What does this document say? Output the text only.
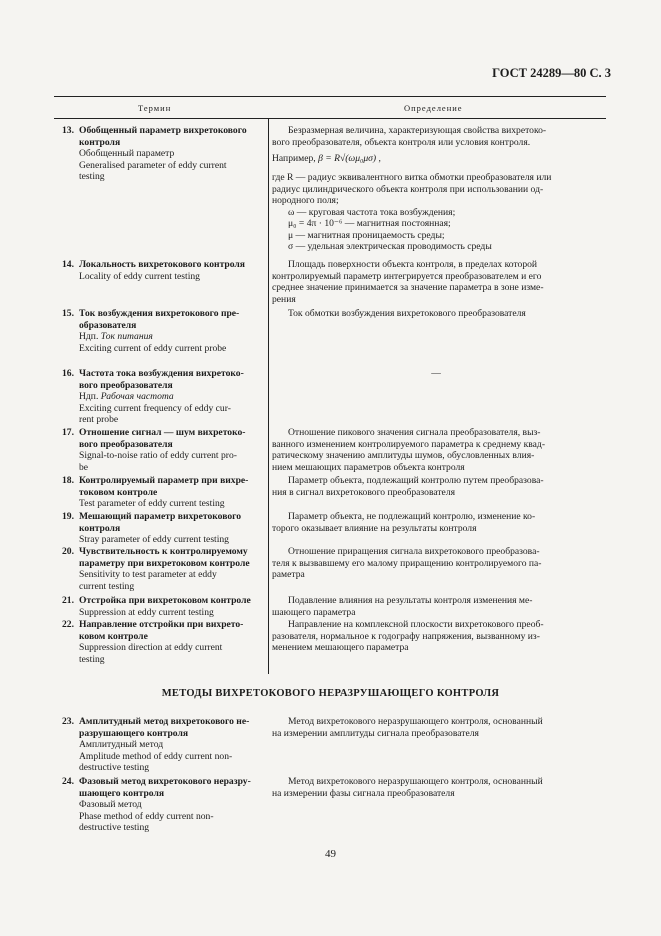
ГОСТ 24289—80 С. 3
Термин	Определение
13. Обобщенный параметр вихретокового
контроля
Обобщенный параметр
Generalised parameter of eddy current
testing
Безразмерная величина, характеризующая свойства вихретоко-
вого преобразователя, объекта контроля или условия контроля.
Например, β = R√(ωμ₀μσ) ,
где R — радиус эквивалентного витка обмотки преобразователя или
радиус цилиндрического объекта контроля при использовании од-
нородного поля;
ω — круговая частота тока возбуждения;
μ₀ = 4π · 10⁻⁶ — магнитная постоянная;
μ — магнитная проницаемость среды;
σ — удельная электрическая проводимость среды
14. Локальность вихретокового контроля
Locality of eddy current testing
Площадь поверхности объекта контроля, в пределах которой
контролируемый параметр интегрируется преобразователем и его
среднее значение принимается за значение параметра в зоне изме-
рения
15. Ток возбуждения вихретокового пре-
образователя
Ндп. Ток питания
Exciting current of eddy current probe
Ток обмотки возбуждения вихретокового преобразователя
16. Частота тока возбуждения вихретоко-
вого преобразователя
Ндп. Рабочая частота
Exciting current frequency of eddy cur-
rent probe
—
17. Отношение сигнал — шум вихретоко-
вого преобразователя
Signal-to-noise ratio of eddy current pro-
be
Отношение пикового значения сигнала преобразователя, выз-
ванного изменением контролируемого параметра к среднему квад-
ратическому значению амплитуды шумов, обусловленных влия-
нием мешающих параметров объекта контроля
18. Контролируемый параметр при вихре-
токовом контроле
Test parameter of eddy current testing
Параметр объекта, подлежащий контролю путем преобразова-
ния в сигнал вихретокового преобразователя
19. Мешающий параметр вихретокового
контроля
Stray parameter of eddy current testing
Параметр объекта, не подлежащий контролю, изменение ко-
торого оказывает влияние на результаты контроля
20. Чувствительность к контролируемому
параметру при вихретоковом контроле
Sensitivity to test parameter at eddy
current testing
Отношение приращения сигнала вихретокового преобразова-
теля к вызвавшему его малому приращению контролируемого па-
раметра
21. Отстройка при вихретоковом контроле
Suppression at eddy current testing
Подавление влияния на результаты контроля изменения ме-
шающего параметра
22. Направление отстройки при вихрето-
ковом контроле
Suppression direction at eddy current
testing
Направление на комплексной плоскости вихретокового преоб-
разователя, нормальное к годографу напряжения, вызванному из-
менением мешающего параметра
МЕТОДЫ ВИХРЕТОКОВОГО НЕРАЗРУШАЮЩЕГО КОНТРОЛЯ
23. Амплитудный метод вихретокового не-
разрушающего контроля
Амплитудный метод
Amplitude method of eddy current non-
destructive testing
Метод вихретокового неразрушающего контроля, основанный
на измерении амплитуды сигнала преобразователя
24. Фазовый метод вихретокового неразру-
шающего контроля
Фазовый метод
Phase method of eddy current non-
destructive testing
Метод вихретокового неразрушающего контроля, основанный
на измерении фазы сигнала преобразователя
49
